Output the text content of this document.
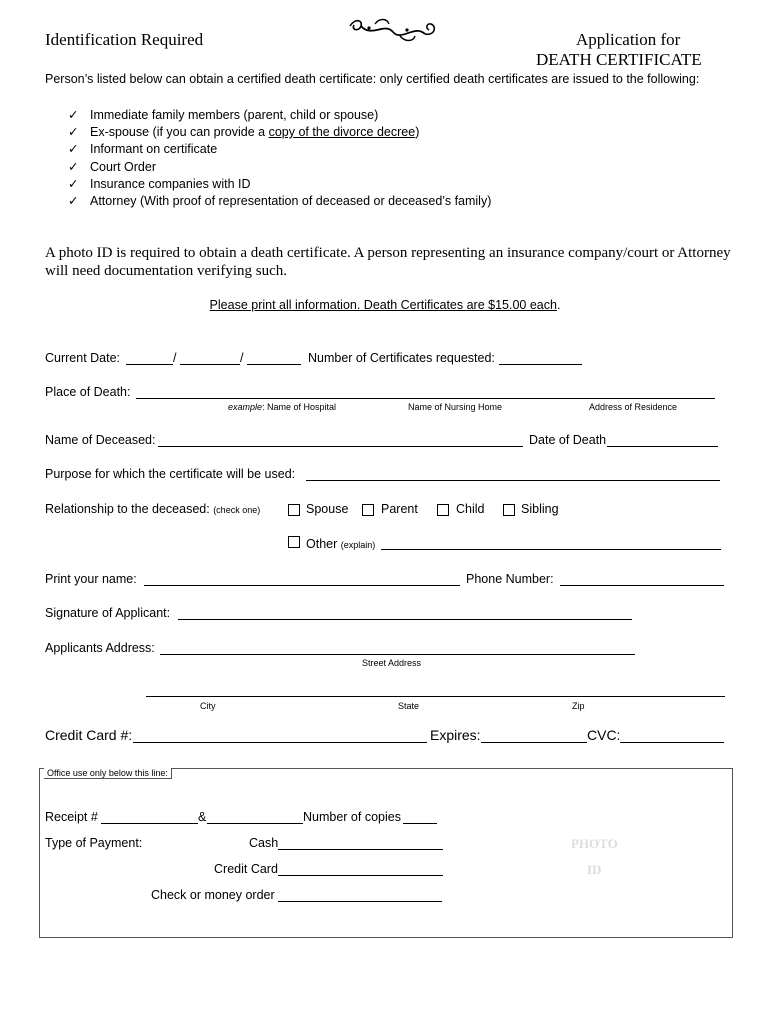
Identification Required	Application for
DEATH CERTIFICATE
Person’s listed below can obtain a certified death certificate: only certified death certificates are issued to the following:
✓ Immediate family members (parent, child or spouse)
✓ Ex-spouse (if you can provide a copy of the divorce decree)
✓ Informant on certificate
✓ Court Order
✓ Insurance companies with ID
✓ Attorney (With proof of representation of deceased or deceased’s family)
A photo ID is required to obtain a death certificate. A person representing an insurance company/court or Attorney will need documentation verifying such.
Please print all information. Death Certificates are $15.00 each.
Current Date:	/	/	Number of Certificates requested:
Place of Death:
example: Name of Hospital	Name of Nursing Home	Address of Residence
Name of Deceased:	Date of Death
Purpose for which the certificate will be used:
Relationship to the deceased: (check one)	Spouse	Parent	Child	Sibling
Other (explain)
Print your name:	Phone Number:
Signature of Applicant:
Applicants Address:
Street Address
City	State	Zip
Credit Card #:	Expires:	CVC:
Office use only below this line:
Receipt #	&	Number of copies
Type of Payment:	Cash
Credit Card
Check or money order
PHOTO
ID
